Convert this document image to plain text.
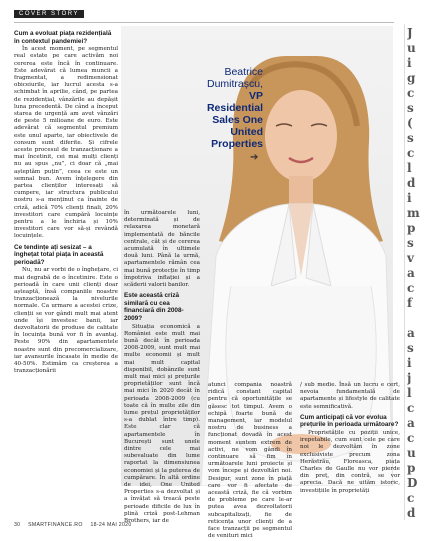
COVER STORY
Cum a evoluat piața rezidențială în contextul pandemiei?

În acest moment, pe segmentul real estate pe care activăm noi cererea este încă în continuare. Este adevărat că lumea muncii a fragmentat, a redimensionat obiceiurile, iar lucrul acesta s-a schimbat în aprilie, când, pe partea de rezidențial, vânzările au depășit luna precedentă. De când a început starea de urgență am avut vânzări de peste 5 milioane de euro. Este adevărat că segmentul premium este unul aparte, iar obiectivele de consum sunt diferite. Și cifrele aceste procesul de tranzacționare a mai încetinit, cei mai mulți clienți nu au spus „nu”, ci doar că „mai așteptăm puțin”, ceea ce este un semnal bun. Avem înțelegere din partea clienților interesați să cumpere, iar structura publicului nostru s-a menținut ca înainte de criză, adică 70% clienți finali, 20% investitori care cumpără locuințe pentru a le închiria și 10% investitori care vor să-și revândă locuințele.

Ce tendințe ați sesizat – a înghețat total piața în această perioadă?

Nu, nu ar vorbi de o înghețare, ci mai degrabă de o încetinire. Este o perioadă în care unii clienți doar așteaptă, însă companiile noastre tranzacționează la nivelurile normale. Ca urmare a acestei crize, clienții se vor gândi mult mai atent unde își investesc banii, iar dezvoltatorii de produse de calitate în locuința bună vor fi în avantaj. Peste 90% din apartamentele noastre sunt din precomercializare, iar avansurile încasate în medie de 40-50%. Estimăm ca creșterea a tranzacționării

Beatrice
Dumitrașcu,
VP
Residential
Sales One
United
Properties
➔

în următoarele luni, determinată și de relaxarea monetară implementată de băncile centrale, cât și de cererea acumulată în ultimele două luni. Până la urmă, apartamentele rămân cea mai bună protecție în timp împotriva inflației și a scăderii valorii banilor.

Este această criză similară cu cea financiară din 2008-2009?

Situația economică a României este mult mai bună decât în perioada 2008-2009, sunt mult mai multe economii și mult mai mult capital disponibil, dobânzile sunt mult mai mici și prețurile proprietăților sunt încă mai mici în 2020 decât în perioada 2008-2009 (cu toate că în multe zile din lume prețul proprietăților s-a dublat între timp). Este clar că apartamentele în București sunt unele dintre cele mai subevaluate din lume raportat la dimensiunea economiei și la puterea de cumpărare. În altă ordine de idei, One United Properties s-a dezvoltat și a învățat să treacă peste perioade dificile de lux în plină criză post-Lehman Brothers, iar de

atunci compania noastră ridică constant capital pentru că oportunitățile se găsesc tot timpul. Avem o echipă foarte bună de management, iar modelul nostru de business a funcționat dovadă în acest moment suntem extrem de activi, ne vom gândi în continuare să fim în următoarele luni proiecte și vom începe și dezvoltări noi. Desigur, sunt zone în piață care vor fi afectate de această criză, fie că vorbim de probleme pe care le-ar putea avea dezvoltatorii subcapitalizați, fie de reticența unor clienți de a face tranzacții pe segmentul de venituri mici

/ sub medie. Însă un lucru e cert, nevoia fundamentală de apartamente și lifestyle de calitate este semnificativă.

Cum anticipați că vor evolua prețurile în perioada următoare?

Proprietățile cu poziții unice, irepetabile, cum sunt cele pe care noi le dezvoltăm în zone exclusiviste precum zona Herăstrău, Floreasca, piața Charles de Gaulle nu vor pierde din preț, din contră, se vor aprecia. Dacă ne uităm istoric, investițiile în proprietăți

J
u
i
g
c
s
(
s
c
l
d
i
m
p
s
v
a
c
f

a
s
i
j
l
c
a
c
u
p
D
c
d
30 SMARTFINANCE.RO 18-24 MAI 2020
